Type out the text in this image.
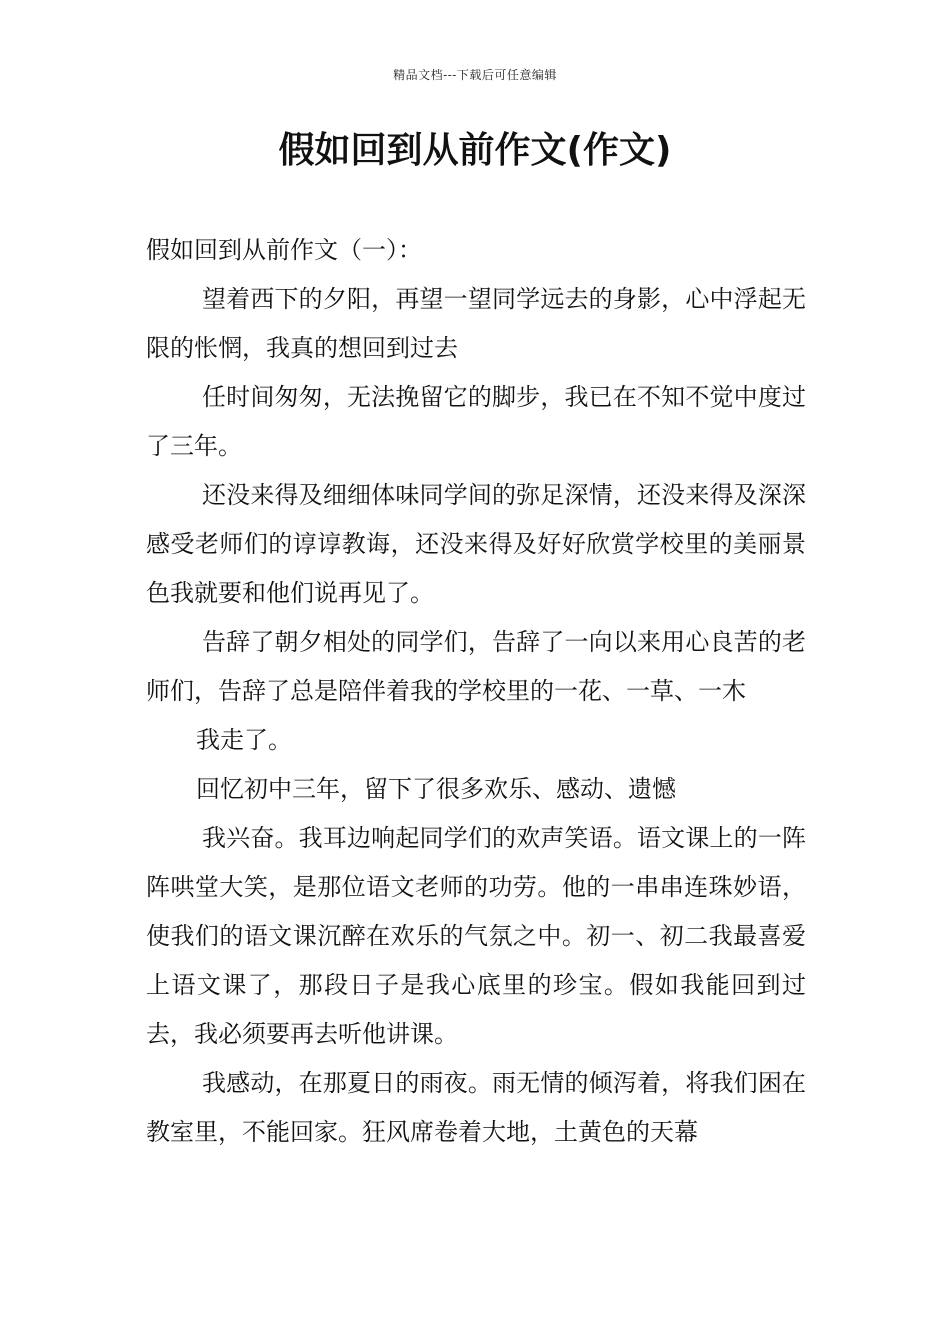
精品文档---下载后可任意编辑
假如回到从前作文(作文)

假如回到从前作文（一）：

望着西下的夕阳，再望一望同学远去的身影，心中浮起无限的怅惘，我真的想回到过去

任时间匆匆，无法挽留它的脚步，我已在不知不觉中度过了三年。

还没来得及细细体味同学间的弥足深情，还没来得及深深感受老师们的谆谆教诲，还没来得及好好欣赏学校里的美丽景色我就要和他们说再见了。

告辞了朝夕相处的同学们，告辞了一向以来用心良苦的老师们，告辞了总是陪伴着我的学校里的一花、一草、一木

我走了。

回忆初中三年，留下了很多欢乐、感动、遗憾

我兴奋。我耳边响起同学们的欢声笑语。语文课上的一阵阵哄堂大笑，是那位语文老师的功劳。他的一串串连珠妙语，使我们的语文课沉醉在欢乐的气氛之中。初一、初二我最喜爱上语文课了，那段日子是我心底里的珍宝。假如我能回到过去，我必须要再去听他讲课。

我感动，在那夏日的雨夜。雨无情的倾泻着，将我们困在教室里，不能回家。狂风席卷着大地，土黄色的天幕
